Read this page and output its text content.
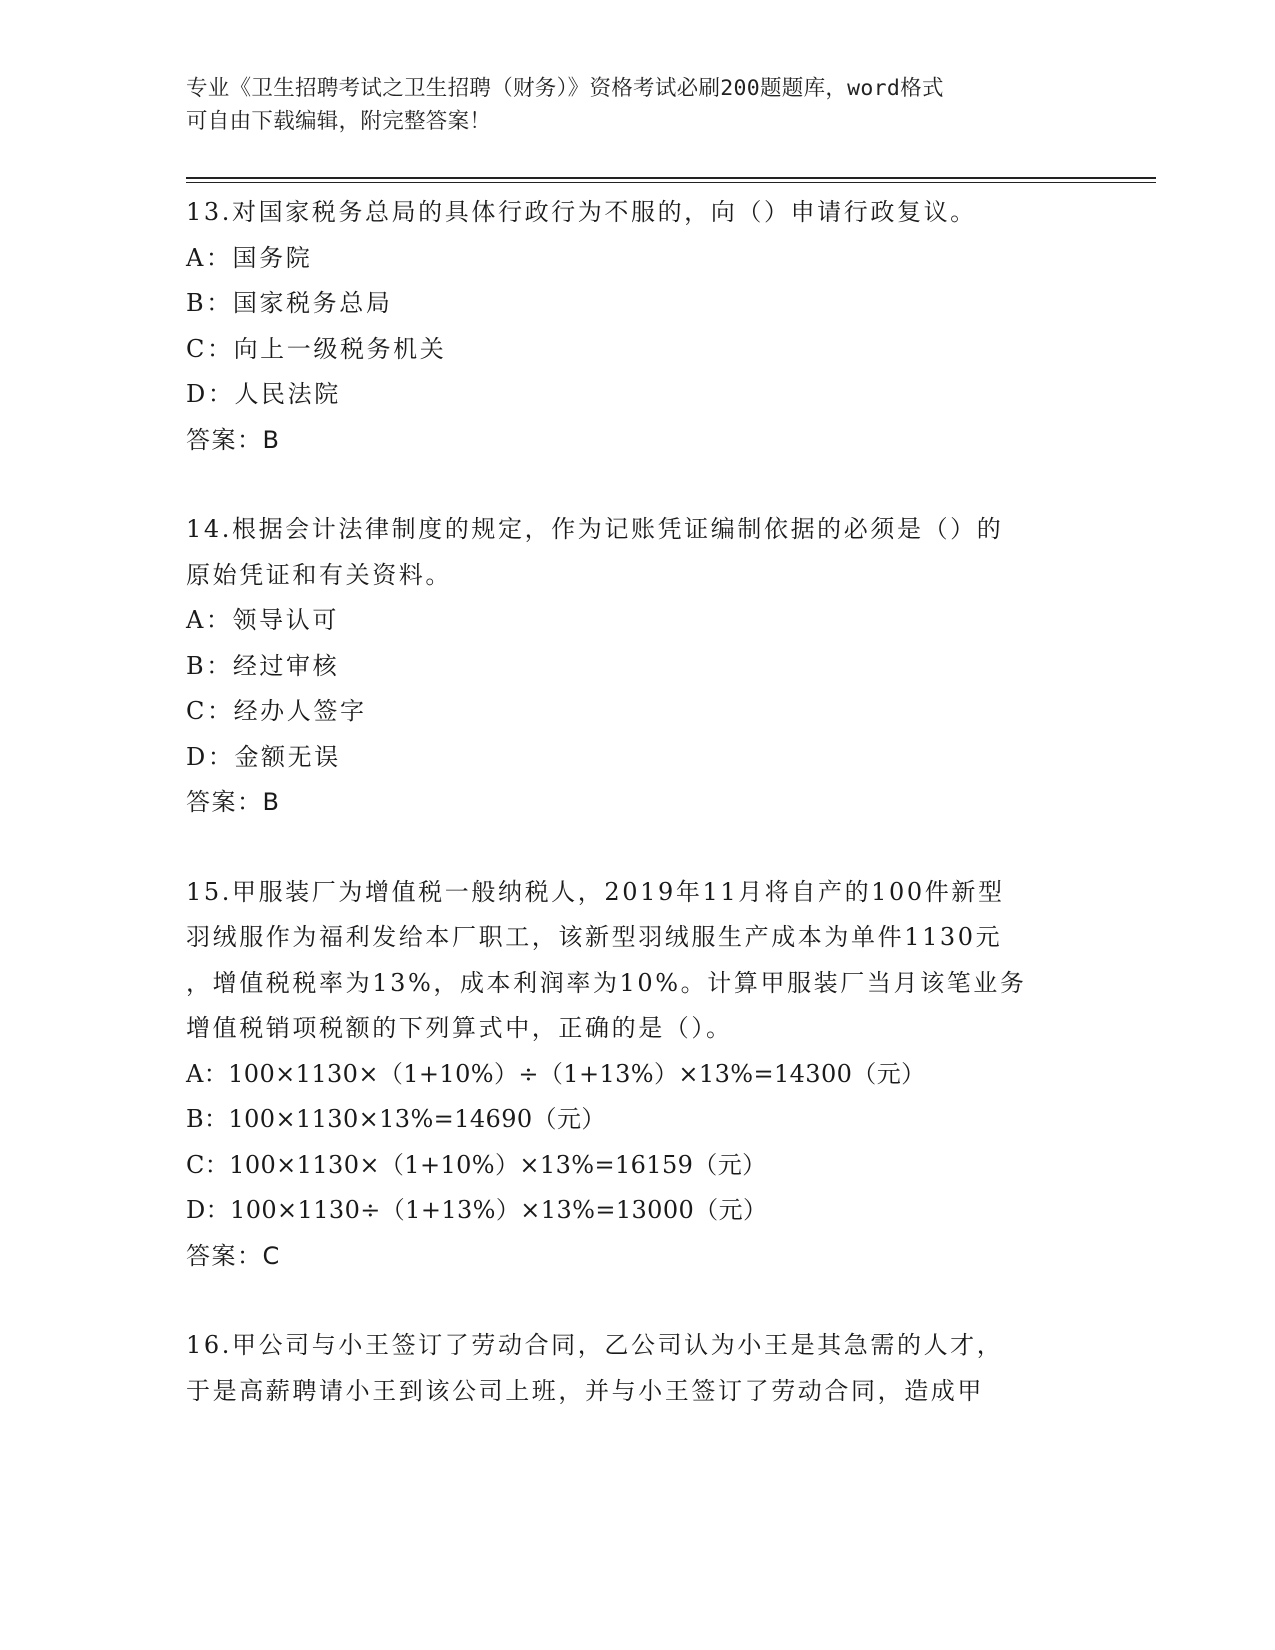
专业《卫生招聘考试之卫生招聘（财务）》资格考试必刷200题题库，word格式
可自由下载编辑，附完整答案！
13.对国家税务总局的具体行政行为不服的，向（）申请行政复议。
A：国务院
B：国家税务总局
C：向上一级税务机关
D：人民法院
答案：B
14.根据会计法律制度的规定，作为记账凭证编制依据的必须是（）的
原始凭证和有关资料。
A：领导认可
B：经过审核
C：经办人签字
D：金额无误
答案：B
15.甲服装厂为增值税一般纳税人，2019年11月将自产的100件新型
羽绒服作为福利发给本厂职工，该新型羽绒服生产成本为单件1130元
，增值税税率为13%，成本利润率为10%。计算甲服装厂当月该笔业务
增值税销项税额的下列算式中，正确的是（）。
A：100×1130×（1+10%）÷（1+13%）×13%=14300（元）
B：100×1130×13%=14690（元）
C：100×1130×（1+10%）×13%=16159（元）
D：100×1130÷（1+13%）×13%=13000（元）
答案：C
16.甲公司与小王签订了劳动合同，乙公司认为小王是其急需的人才，
于是高薪聘请小王到该公司上班，并与小王签订了劳动合同，造成甲
